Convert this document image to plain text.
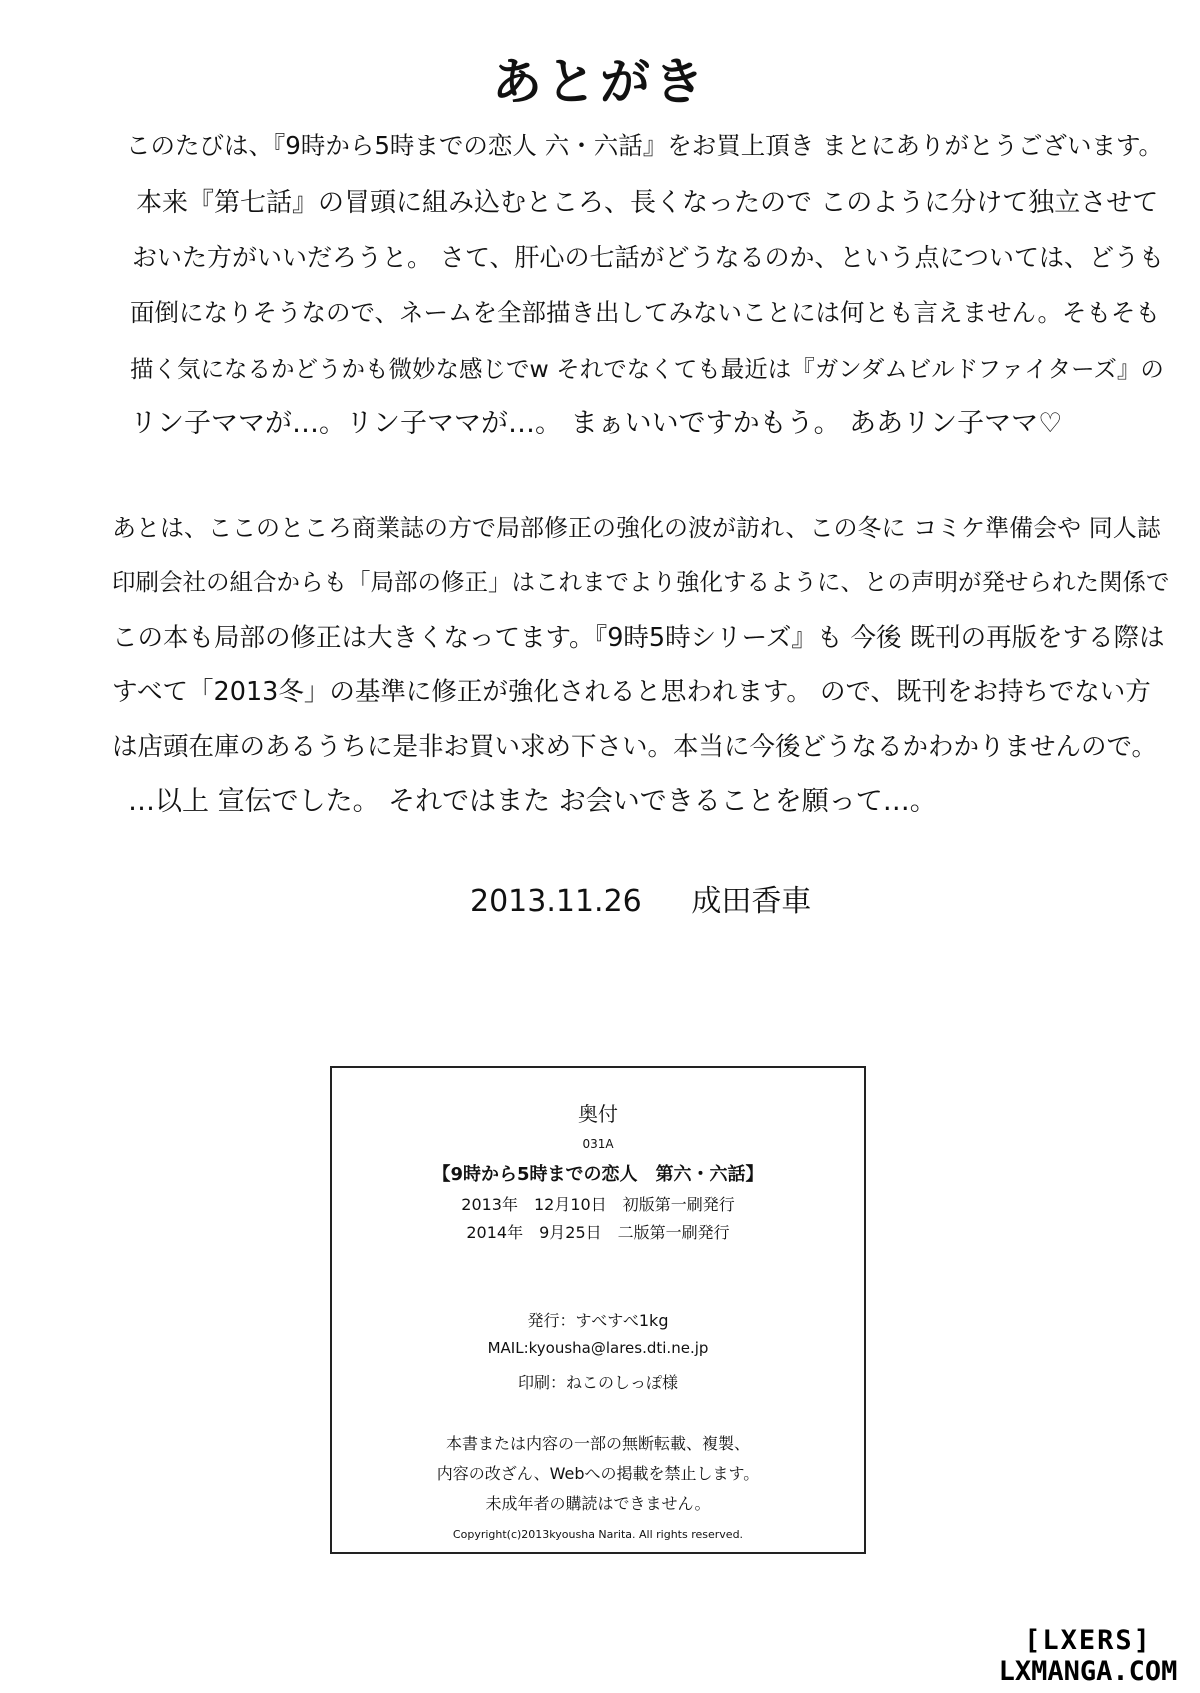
あとがき
このたびは、『9時から5時までの恋人 六・六話』をお買上頂き まとにありがとうございます。
本来『第七話』の冒頭に組み込むところ、長くなったので このように分けて独立させて
おいた方がいいだろうと。 さて、肝心の七話がどうなるのか、という点については、どうも
面倒になりそうなので、ネームを全部描き出してみないことには何とも言えません。そもそも
描く気になるかどうかも微妙な感じでw それでなくても最近は『ガンダムビルドファイターズ』の
リン子ママが…。リン子ママが…。 まぁいいですかもう。 ああリン子ママ♡
あとは、ここのところ商業誌の方で局部修正の強化の波が訪れ、この冬に コミケ準備会や 同人誌
印刷会社の組合からも「局部の修正」はこれまでより強化するように、との声明が発せられた関係で
この本も局部の修正は大きくなってます。『9時5時シリーズ』も 今後 既刊の再版をする際は
すべて「2013冬」の基準に修正が強化されると思われます。 ので、既刊をお持ちでない方
は店頭在庫のあるうちに是非お買い求め下さい。本当に今後どうなるかわかりませんので。
…以上 宣伝でした。 それではまた お会いできることを願って…。
2013.11.26 成田香車
奥付
031A
【9時から5時までの恋人　第六・六話】
2013年　12月10日　初版第一刷発行
2014年　9月25日　二版第一刷発行
発行：すべすべ1kg
MAIL:kyousha@lares.dti.ne.jp
印刷：ねこのしっぽ様
本書または内容の一部の無断転載、複製、
内容の改ざん、Webへの掲載を禁止します。
未成年者の購読はできません。
Copyright(c)2013kyousha Narita. All rights reserved.
[LXERS]
LXMANGA.COM
